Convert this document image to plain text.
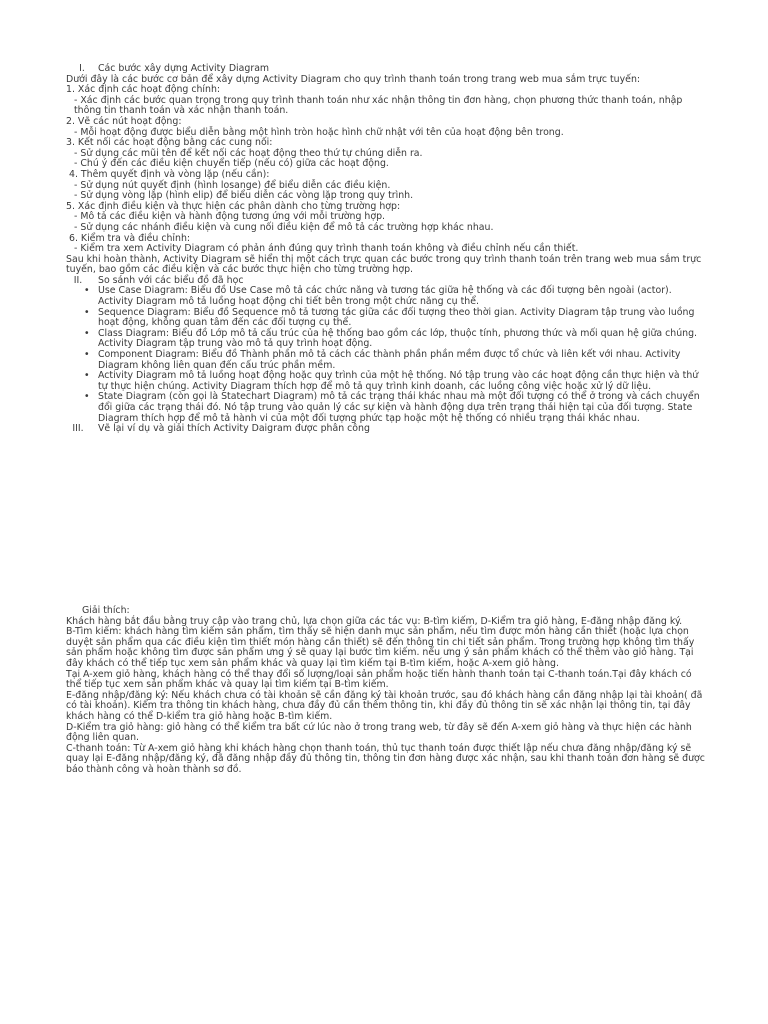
I.	Các bước xây dựng Activity Diagram
Dưới đây là các bước cơ bản để xây dựng Activity Diagram cho quy trình thanh toán trong trang web mua sắm trực tuyến:
1. Xác định các hoạt động chính:
- Xác định các bước quan trọng trong quy trình thanh toán như xác nhận thông tin đơn hàng, chọn phương thức thanh toán, nhập thông tin thanh toán và xác nhận thanh toán.
2. Vẽ các nút hoạt động:
- Mỗi hoạt động được biểu diễn bằng một hình tròn hoặc hình chữ nhật với tên của hoạt động bên trong.
3. Kết nối các hoạt động bằng các cung nối:
- Sử dụng các mũi tên để kết nối các hoạt động theo thứ tự chúng diễn ra.
- Chú ý đến các điều kiện chuyển tiếp (nếu có) giữa các hoạt động.
4. Thêm quyết định và vòng lặp (nếu cần):
- Sử dụng nút quyết định (hình losange) để biểu diễn các điều kiện.
- Sử dụng vòng lặp (hình elip) để biểu diễn các vòng lặp trong quy trình.
5. Xác định điều kiện và thực hiện các phân dành cho từng trường hợp:
- Mô tả các điều kiện và hành động tương ứng với mỗi trường hợp.
- Sử dụng các nhánh điều kiện và cung nối điều kiện để mô tả các trường hợp khác nhau.
6. Kiểm tra và điều chỉnh:
- Kiểm tra xem Activity Diagram có phản ánh đúng quy trình thanh toán không và điều chỉnh nếu cần thiết.
Sau khi hoàn thành, Activity Diagram sẽ hiển thị một cách trực quan các bước trong quy trình thanh toán trên trang web mua sắm trực tuyến, bao gồm các điều kiện và các bước thực hiện cho từng trường hợp.
II.	So sánh với các biểu đồ đã học
• Use Case Diagram: Biểu đồ Use Case mô tả các chức năng và tương tác giữa hệ thống và các đối tượng bên ngoài (actor). Activity Diagram mô tả luồng hoạt động chi tiết bên trong một chức năng cụ thể.
• Sequence Diagram: Biểu đồ Sequence mô tả tương tác giữa các đối tượng theo thời gian. Activity Diagram tập trung vào luồng hoạt động, không quan tâm đến các đối tượng cụ thể.
• Class Diagram: Biểu đồ Lớp mô tả cấu trúc của hệ thống bao gồm các lớp, thuộc tính, phương thức và mối quan hệ giữa chúng. Activity Diagram tập trung vào mô tả quy trình hoạt động.
• Component Diagram: Biểu đồ Thành phần mô tả cách các thành phần phần mềm được tổ chức và liên kết với nhau. Activity Diagram không liên quan đến cấu trúc phần mềm.
• Activity Diagram mô tả luồng hoạt động hoặc quy trình của một hệ thống. Nó tập trung vào các hoạt động cần thực hiện và thứ tự thực hiện chúng. Activity Diagram thích hợp để mô tả quy trình kinh doanh, các luồng công việc hoặc xử lý dữ liệu.
• State Diagram (còn gọi là Statechart Diagram) mô tả các trạng thái khác nhau mà một đối tượng có thể ở trong và cách chuyển đổi giữa các trạng thái đó. Nó tập trung vào quản lý các sự kiện và hành động dựa trên trạng thái hiện tại của đối tượng. State Diagram thích hợp để mô tả hành vi của một đối tượng phức tạp hoặc một hệ thống có nhiều trạng thái khác nhau.
III.	Vẽ lại ví dụ và giải thích Activity Daigram được phân công
Giải thích:
Khách hàng bắt đầu bằng truy cập vào trang chủ, lựa chọn giữa các tác vụ: B-tìm kiếm, D-Kiểm tra giỏ hàng, E-đăng nhập đăng ký.
B-Tìm kiếm: khách hàng tìm kiếm sản phẩm, tìm thấy sẽ hiện danh mục sản phẩm, nếu tìm được món hàng cần thiết (hoặc lựa chọn duyệt sản phẩm qua các điều kiện tìm thiết món hàng cần thiết) sẽ đến thông tin chi tiết sản phẩm. Trong trường hợp không tìm thấy sản phẩm hoặc không tìm được sản phẩm ưng ý sẽ quay lại bước tìm kiếm. nếu ưng ý sản phẩm khách có thể thêm vào giỏ hàng. Tại đây khách có thể tiếp tục xem sản phẩm khác và quay lại tìm kiếm tại B-tìm kiếm, hoặc A-xem giỏ hàng.
Tại A-xem giỏ hàng, khách hàng có thể thay đổi số lượng/loại sản phẩm hoặc tiến hành thanh toán tại C-thanh toán.Tại đây khách có thể tiếp tục xem sản phẩm khác và quay lại tìm kiếm tại B-tìm kiếm.
E-đăng nhập/đăng ký: Nếu khách chưa có tài khoản sẽ cần đăng ký tài khoản trước, sau đó khách hàng cần đăng nhập lại tài khoản( đã có tài khoản). Kiểm tra thông tin khách hàng, chưa đầy đủ cần thêm thông tin, khi đầy đủ thông tin sẽ xác nhận lại thông tin, tại đây khách hàng có thể D-kiểm tra giỏ hàng hoặc B-tìm kiếm.
D-Kiểm tra giỏ hàng: giỏ hàng có thể kiểm tra bất cứ lúc nào ở trong trang web, từ đây sẽ đến A-xem giỏ hàng và thực hiện các hành động liên quan.
C-thanh toán: Từ A-xem giỏ hàng khi khách hàng chọn thanh toán, thủ tục thanh toán được thiết lập nếu chưa đăng nhập/đăng ký sẽ quay lại E-đăng nhập/đăng ký, đã đăng nhập đầy đủ thông tin, thông tin đơn hàng được xác nhận, sau khi thanh toán đơn hàng sẽ được báo thành công và hoàn thành sơ đồ.
